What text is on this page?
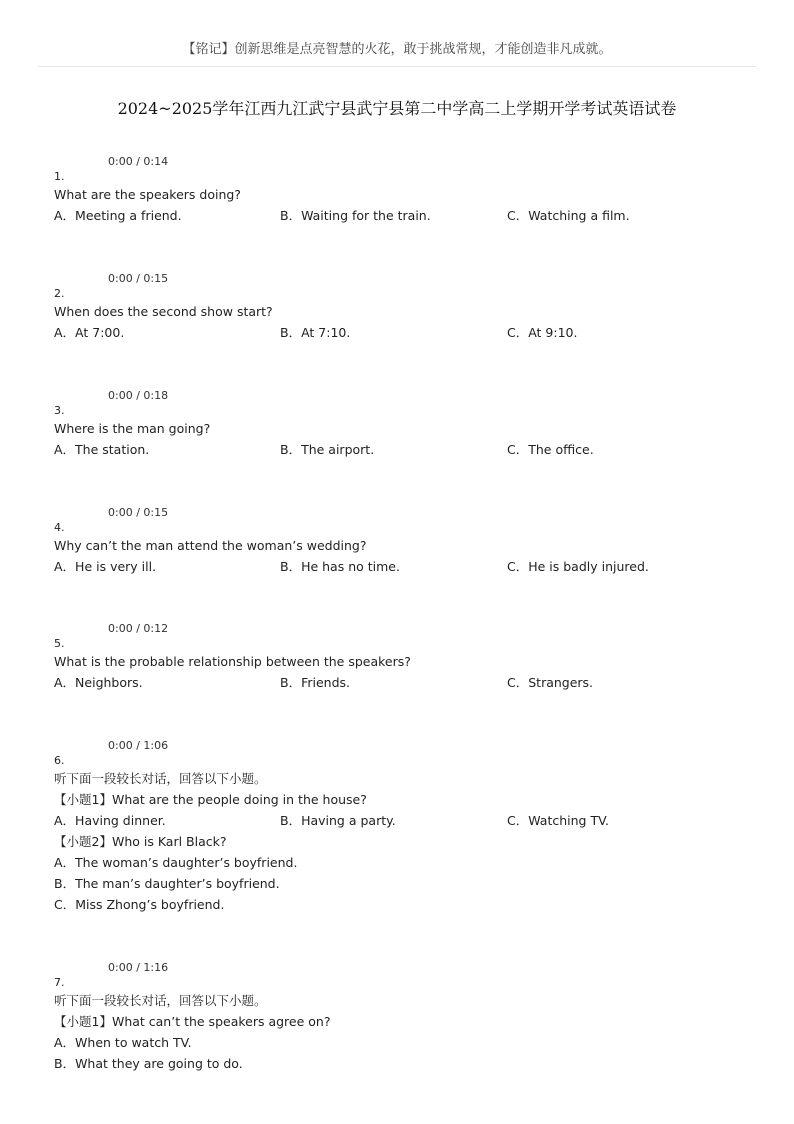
【铭记】创新思维是点亮智慧的火花，敢于挑战常规，才能创造非凡成就。
2024~2025学年江西九江武宁县武宁县第二中学高二上学期开学考试英语试卷
0:00 / 0:14
1.
What are the speakers doing?
A．Meeting a friend.	B．Waiting for the train.	C．Watching a film.
0:00 / 0:15
2.
When does the second show start?
A．At 7:00.	B．At 7:10.	C．At 9:10.
0:00 / 0:18
3.
Where is the man going?
A．The station.	B．The airport.	C．The office.
0:00 / 0:15
4.
Why can’t the man attend the woman’s wedding?
A．He is very ill.	B．He has no time.	C．He is badly injured.
0:00 / 0:12
5.
What is the probable relationship between the speakers?
A．Neighbors.	B．Friends.	C．Strangers.
0:00 / 1:06
6.
听下面一段较长对话，回答以下小题。
【小题1】What are the people doing in the house?
A．Having dinner.	B．Having a party.	C．Watching TV.
【小题2】Who is Karl Black?
A．The woman’s daughter’s boyfriend.
B．The man’s daughter’s boyfriend.
C．Miss Zhong’s boyfriend.
0:00 / 1:16
7.
听下面一段较长对话，回答以下小题。
【小题1】What can’t the speakers agree on?
A．When to watch TV.
B．What they are going to do.
